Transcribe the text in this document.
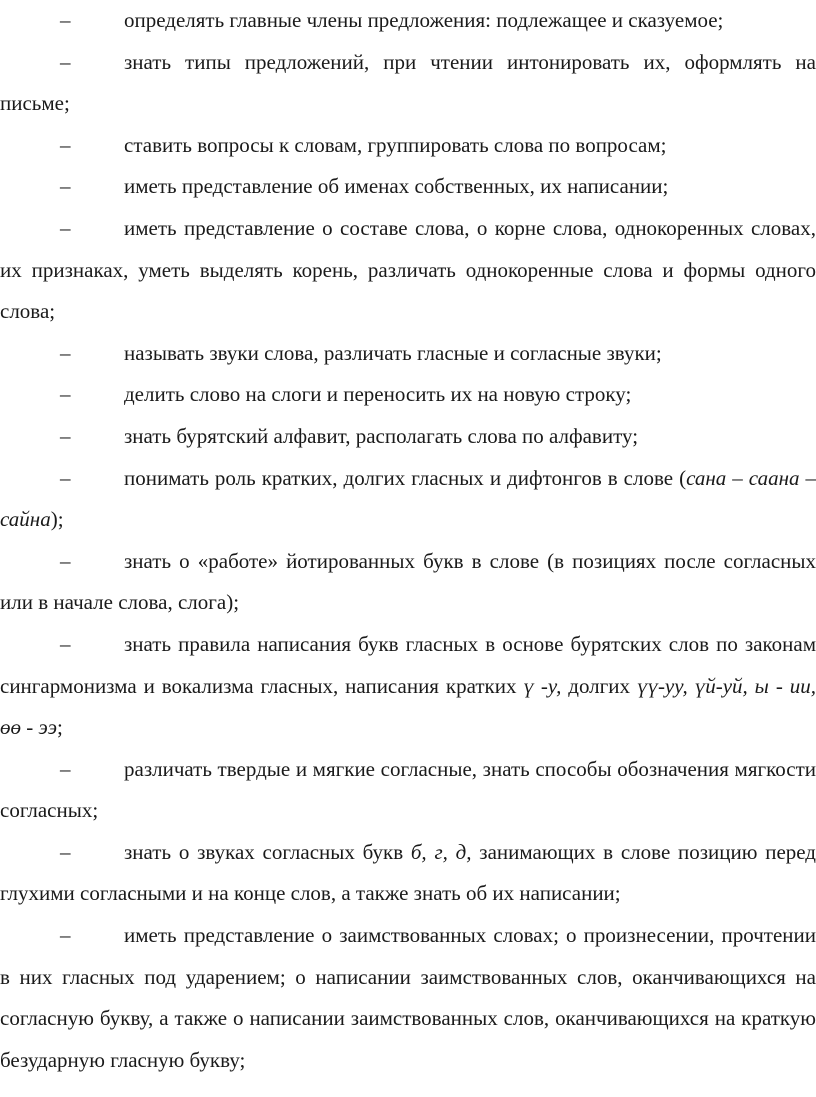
–	определять главные члены предложения: подлежащее и сказуемое;

–	знать типы предложений, при чтении интонировать их, оформлять на письме;

–	ставить вопросы к словам, группировать слова по вопросам;

–	иметь представление об именах собственных, их написании;

–	иметь представление о составе слова, о корне слова, однокоренных словах, их признаках, уметь выделять корень, различать однокоренные слова и формы одного слова;

–	называть звуки слова, различать гласные и согласные звуки;

–	делить слово на слоги и переносить их на новую строку;

–	знать бурятский алфавит, располагать слова по алфавиту;

–	понимать роль кратких, долгих гласных и дифтонгов в слове (сана – саана – сайна);

–	знать о «работе» йотированных букв в слове (в позициях после согласных или в начале слова, слога);

–	знать правила написания букв гласных в основе бурятских слов по законам сингармонизма и вокализма гласных, написания кратких ү -у, долгих үү-уу, үй-уй, ы - ии, өө - ээ;

–	различать твердые и мягкие согласные, знать способы обозначения мягкости согласных;

–	знать о звуках согласных букв б, г, д, занимающих в слове позицию перед глухими согласными и на конце слов, а также знать об их написании;

–	иметь представление о заимствованных словах; о произнесении, прочтении в них гласных под ударением; о написании заимствованных слов, оканчивающихся на согласную букву, а также о написании заимствованных слов, оканчивающихся на краткую безударную гласную букву;
